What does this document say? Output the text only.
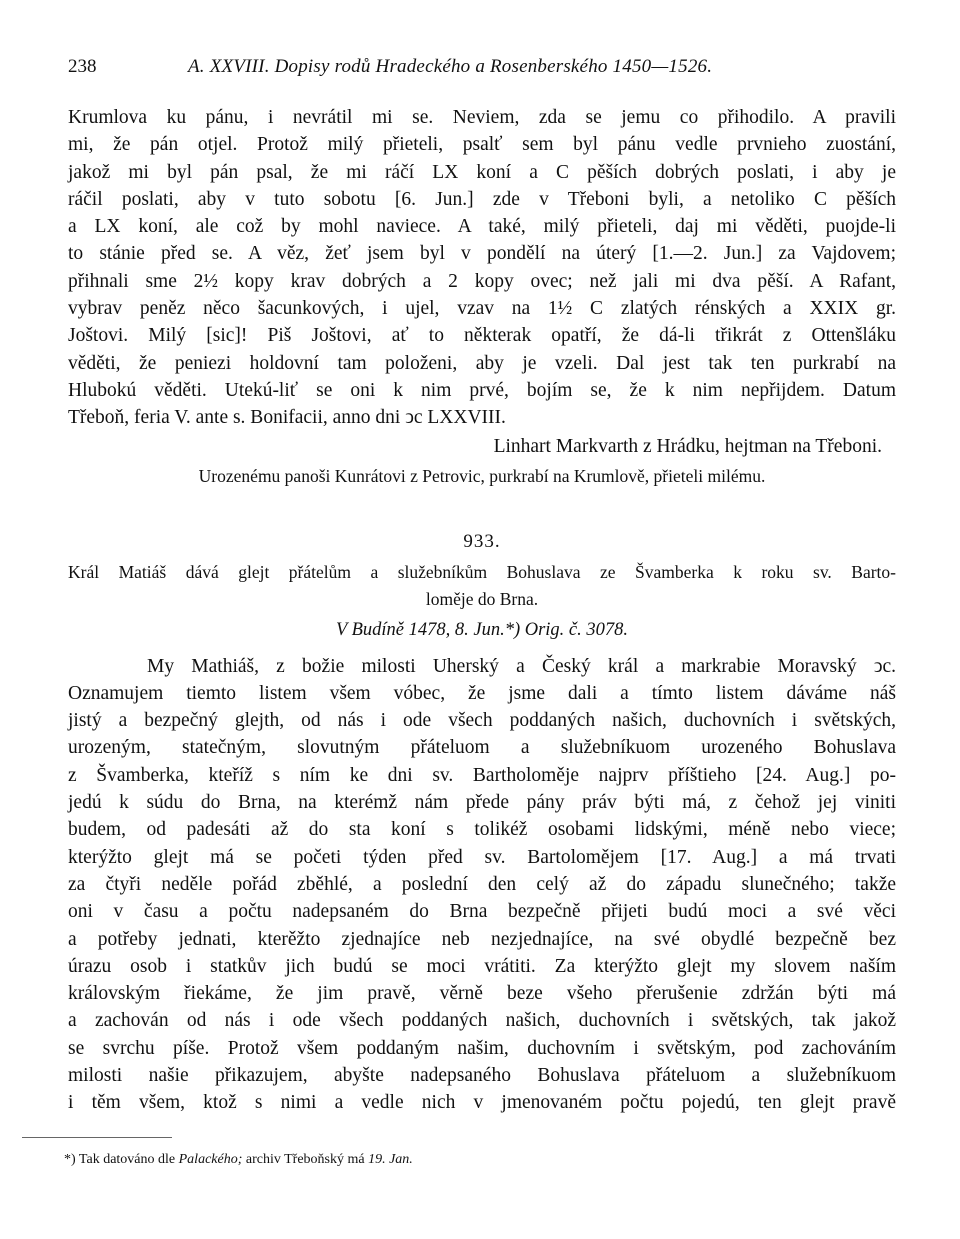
238	A. XXVIII. Dopisy rodů Hradeckého a Rosenberského 1450—1526.
Krumlova ku pánu, i nevrátil mi se. Neviem, zda se jemu co přihodilo. A pravili
mi, že pán otjel. Protož milý přieteli, psalť sem byl pánu vedle prvnieho zuostání,
jakož mi byl pán psal, že mi ráčí LX koní a C pěších dobrých poslati, i aby je
ráčil poslati, aby v tuto sobotu [6. Jun.] zde v Třeboni byli, a netoliko C pěších
a LX koní, ale což by mohl naviece. A také, milý přieteli, daj mi věděti, puojde-li
to stánie před se. A věz, žeť jsem byl v pondělí na úterý [1.—2. Jun.] za Vajdovem;
přihnali sme 2½ kopy krav dobrých a 2 kopy ovec; než jali mi dva pěší. A Rafant,
vybrav peněz něco šacunkových, i ujel, vzav na 1½ C zlatých rénských a XXIX gr.
Joštovi. Milý [sic]! Piš Joštovi, ať to některak opatří, že dá-li třikrát z Ottenšláku
věděti, že peniezi holdovní tam položeni, aby je vzeli. Dal jest tak ten purkrabí na
Hlubokú věděti. Utekú-liť se oni k nim prvé, bojím se, že k nim nepřijdem. Datum
Třeboň, feria V. ante s. Bonifacii, anno dni ↄc LXXVIII.
Linhart Markvarth z Hrádku, hejtman na Třeboni.
Urozenému panoši Kunrátovi z Petrovic, purkrabí na Krumlově, přieteli milému.
933.
Král Matiáš dává glejt přátelům a služebníkům Bohuslava ze Švamberka k roku sv. Barto-
loměje do Brna.
V Budíně 1478, 8. Jun.*) Orig. č. 3078.
My Mathiáš, z božie milosti Uherský a Český král a markrabie Moravský ↄc.
Oznamujem tiemto listem všem vóbec, že jsme dali a tímto listem dáváme náš
jistý a bezpečný glejth, od nás i ode všech poddaných našich, duchovních i světských,
urozeným, statečným, slovutným přáteluom a služebníkuom urozeného Bohuslava
z Švamberka, kteříž s ním ke dni sv. Bartholoměje najprv příštieho [24. Aug.] po-
jedú k súdu do Brna, na kterémž nám přede pány práv býti má, z čehož jej viniti
budem, od padesáti až do sta koní s tolikéž osobami lidskými, méně nebo viece;
kterýžto glejt má se početi týden před sv. Bartolomějem [17. Aug.] a má trvati
za čtyři neděle pořád zběhlé, a poslední den celý až do západu slunečného; takže
oni v času a počtu nadepsaném do Brna bezpečně přijeti budú moci a své věci
a potřeby jednati, kterěžto zjednajíce neb nezjednajíce, na své obydlé bezpečně bez
úrazu osob i statkův jich budú se moci vrátiti. Za kterýžto glejt my slovem naším
královským řiekáme, že jim pravě, věrně beze všeho přerušenie zdržán býti má
a zachován od nás i ode všech poddaných našich, duchovních i světských, tak jakož
se svrchu píše. Protož všem poddaným našim, duchovním i světským, pod zachováním
milosti našie přikazujem, abyšte nadepsaného Bohuslava přáteluom a služebníkuom
i těm všem, ktož s nimi a vedle nich v jmenovaném počtu pojedú, ten glejt pravě
*) Tak datováno dle Palackého; archiv Třeboňský má 19. Jan.
